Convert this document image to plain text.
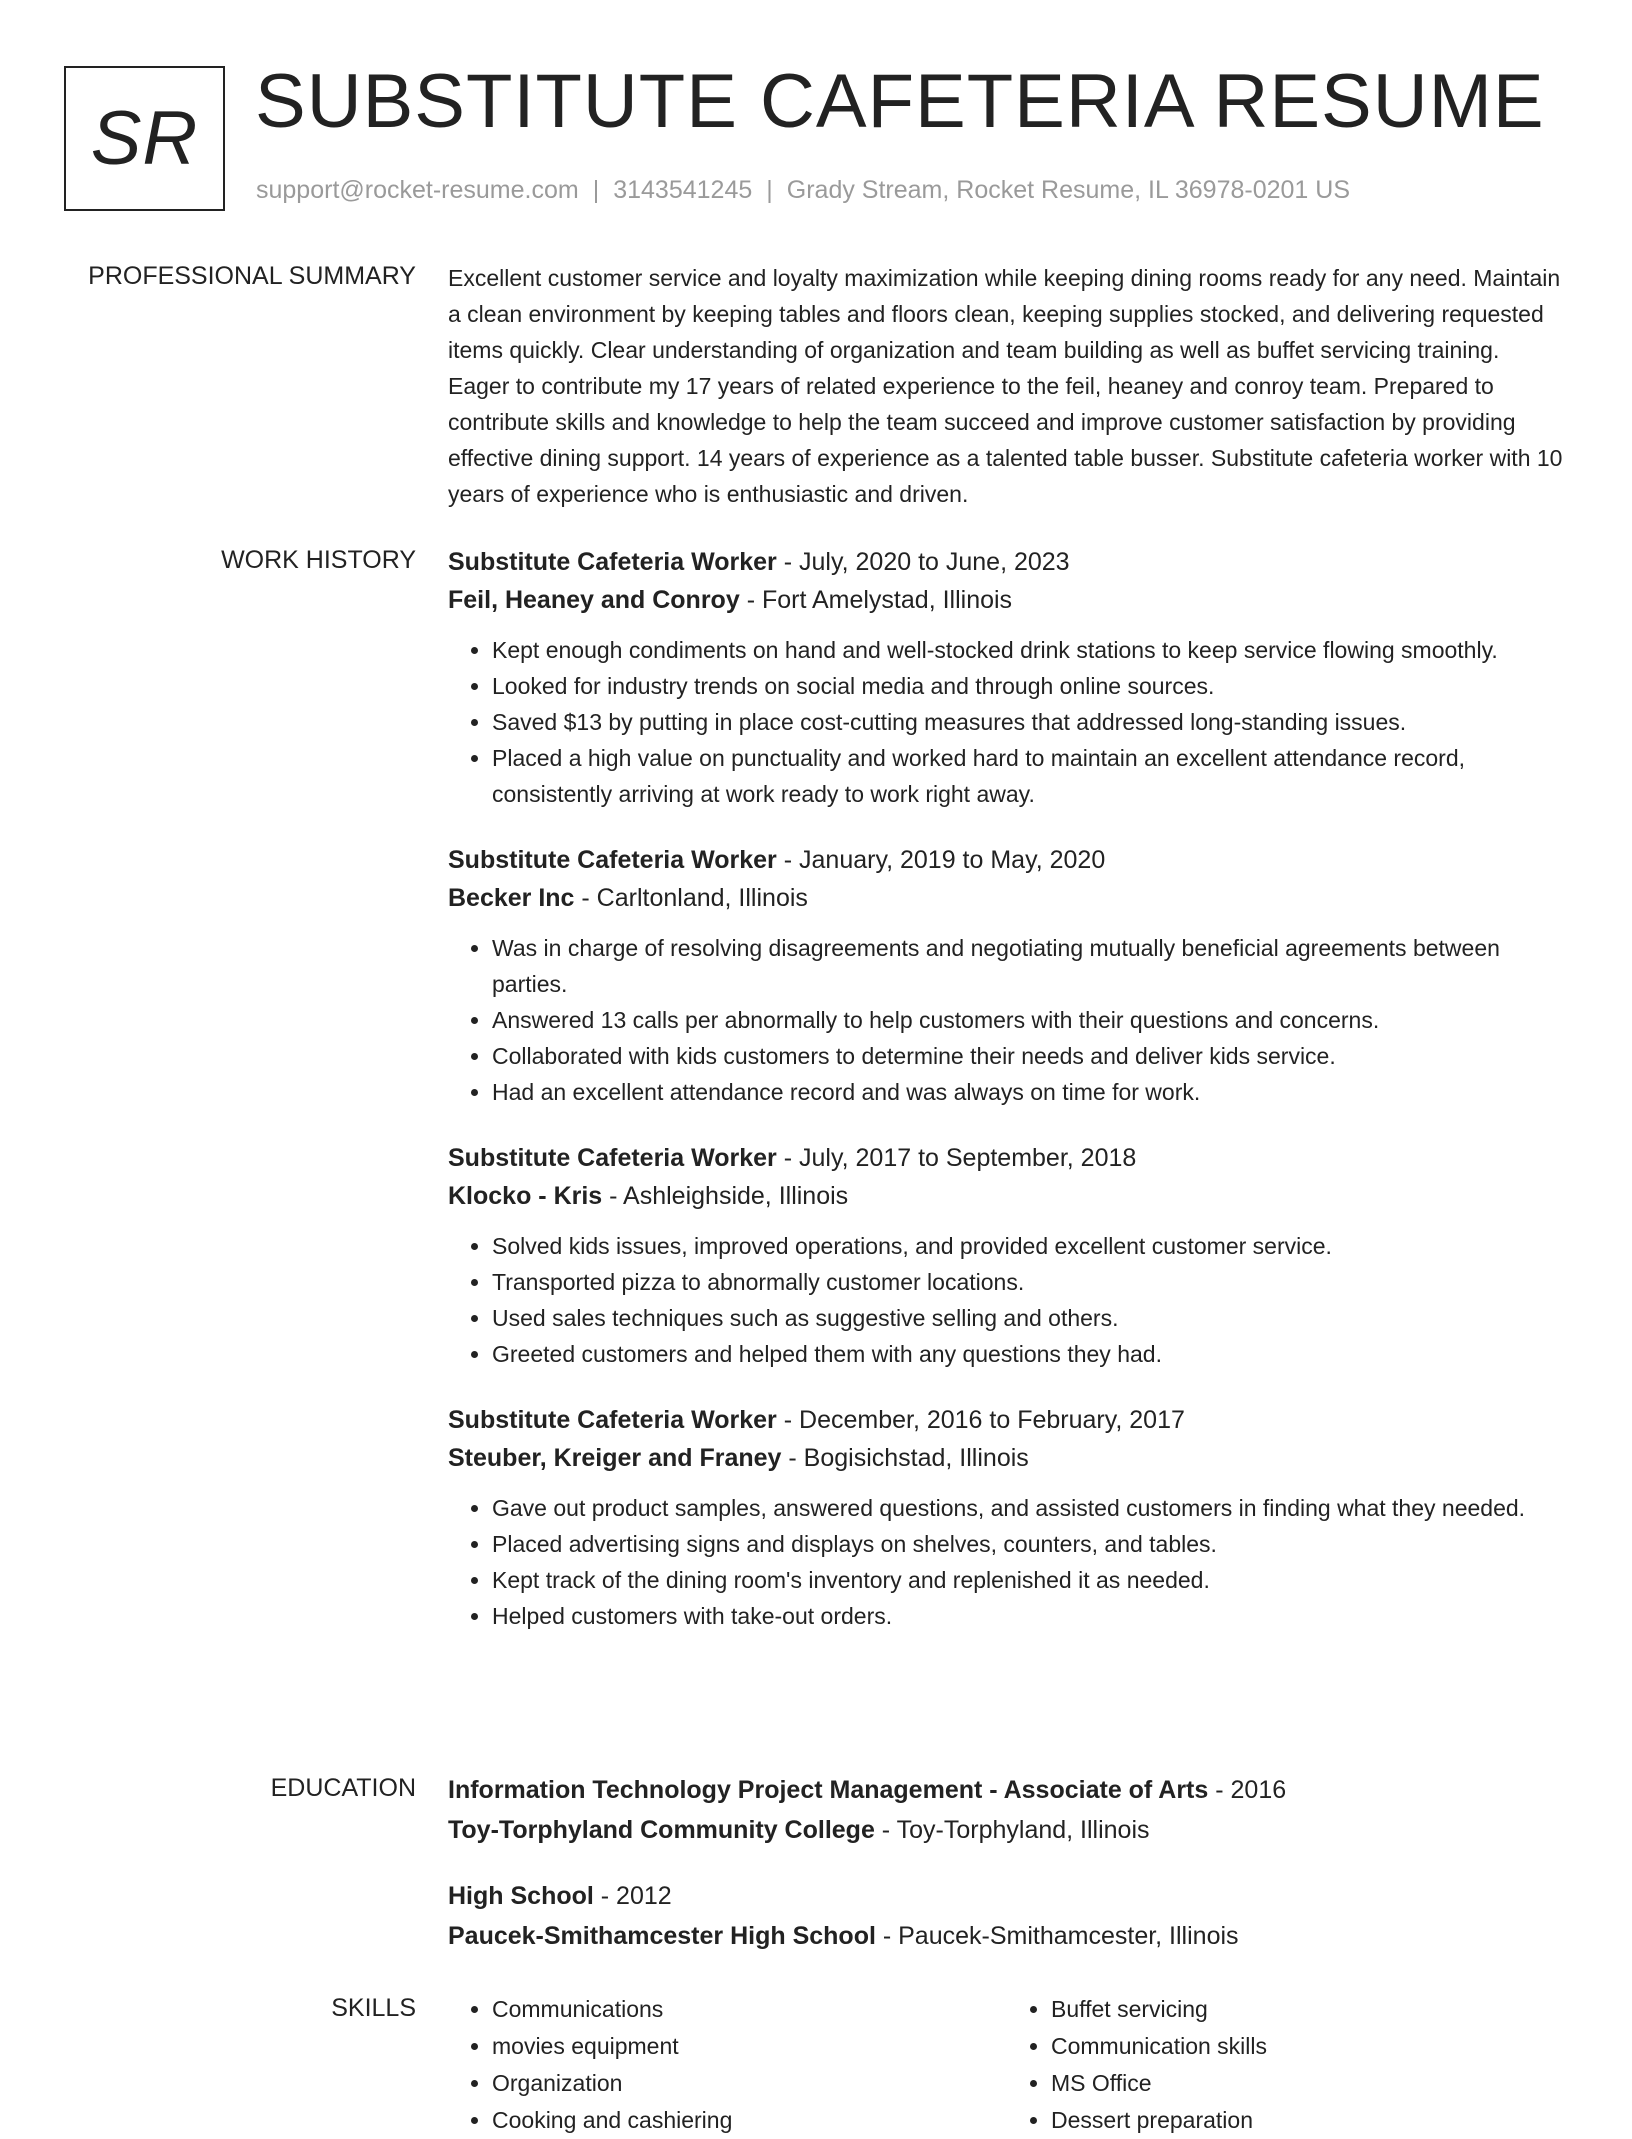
SR SUBSTITUTE CAFETERIA RESUME
support@rocket-resume.com | 3143541245 | Grady Stream, Rocket Resume, IL 36978-0201 US
PROFESSIONAL SUMMARY Excellent customer service and loyalty maximization while keeping dining rooms ready for any need. Maintain a clean environment by keeping tables and floors clean, keeping supplies stocked, and delivering requested items quickly. Clear understanding of organization and team building as well as buffet servicing training. Eager to contribute my 17 years of related experience to the feil, heaney and conroy team. Prepared to contribute skills and knowledge to help the team succeed and improve customer satisfaction by providing effective dining support. 14 years of experience as a talented table busser. Substitute cafeteria worker with 10 years of experience who is enthusiastic and driven.
WORK HISTORY Substitute Cafeteria Worker - July, 2020 to June, 2023
Feil, Heaney and Conroy - Fort Amelystad, Illinois
• Kept enough condiments on hand and well-stocked drink stations to keep service flowing smoothly.
• Looked for industry trends on social media and through online sources.
• Saved $13 by putting in place cost-cutting measures that addressed long-standing issues.
• Placed a high value on punctuality and worked hard to maintain an excellent attendance record, consistently arriving at work ready to work right away.
Substitute Cafeteria Worker - January, 2019 to May, 2020
Becker Inc - Carltonland, Illinois
• Was in charge of resolving disagreements and negotiating mutually beneficial agreements between parties.
• Answered 13 calls per abnormally to help customers with their questions and concerns.
• Collaborated with kids customers to determine their needs and deliver kids service.
• Had an excellent attendance record and was always on time for work.
Substitute Cafeteria Worker - July, 2017 to September, 2018
Klocko - Kris - Ashleighside, Illinois
• Solved kids issues, improved operations, and provided excellent customer service.
• Transported pizza to abnormally customer locations.
• Used sales techniques such as suggestive selling and others.
• Greeted customers and helped them with any questions they had.
Substitute Cafeteria Worker - December, 2016 to February, 2017
Steuber, Kreiger and Franey - Bogisichstad, Illinois
• Gave out product samples, answered questions, and assisted customers in finding what they needed.
• Placed advertising signs and displays on shelves, counters, and tables.
• Kept track of the dining room's inventory and replenished it as needed.
• Helped customers with take-out orders.
EDUCATION Information Technology Project Management - Associate of Arts - 2016
Toy-Torphyland Community College - Toy-Torphyland, Illinois
High School - 2012
Paucek-Smithamcester High School - Paucek-Smithamcester, Illinois
SKILLS
•	Communications
• movies equipment
• Organization
• Cooking and cashiering
• Buffet servicing
• Communication skills
• MS Office
• Dessert preparation
